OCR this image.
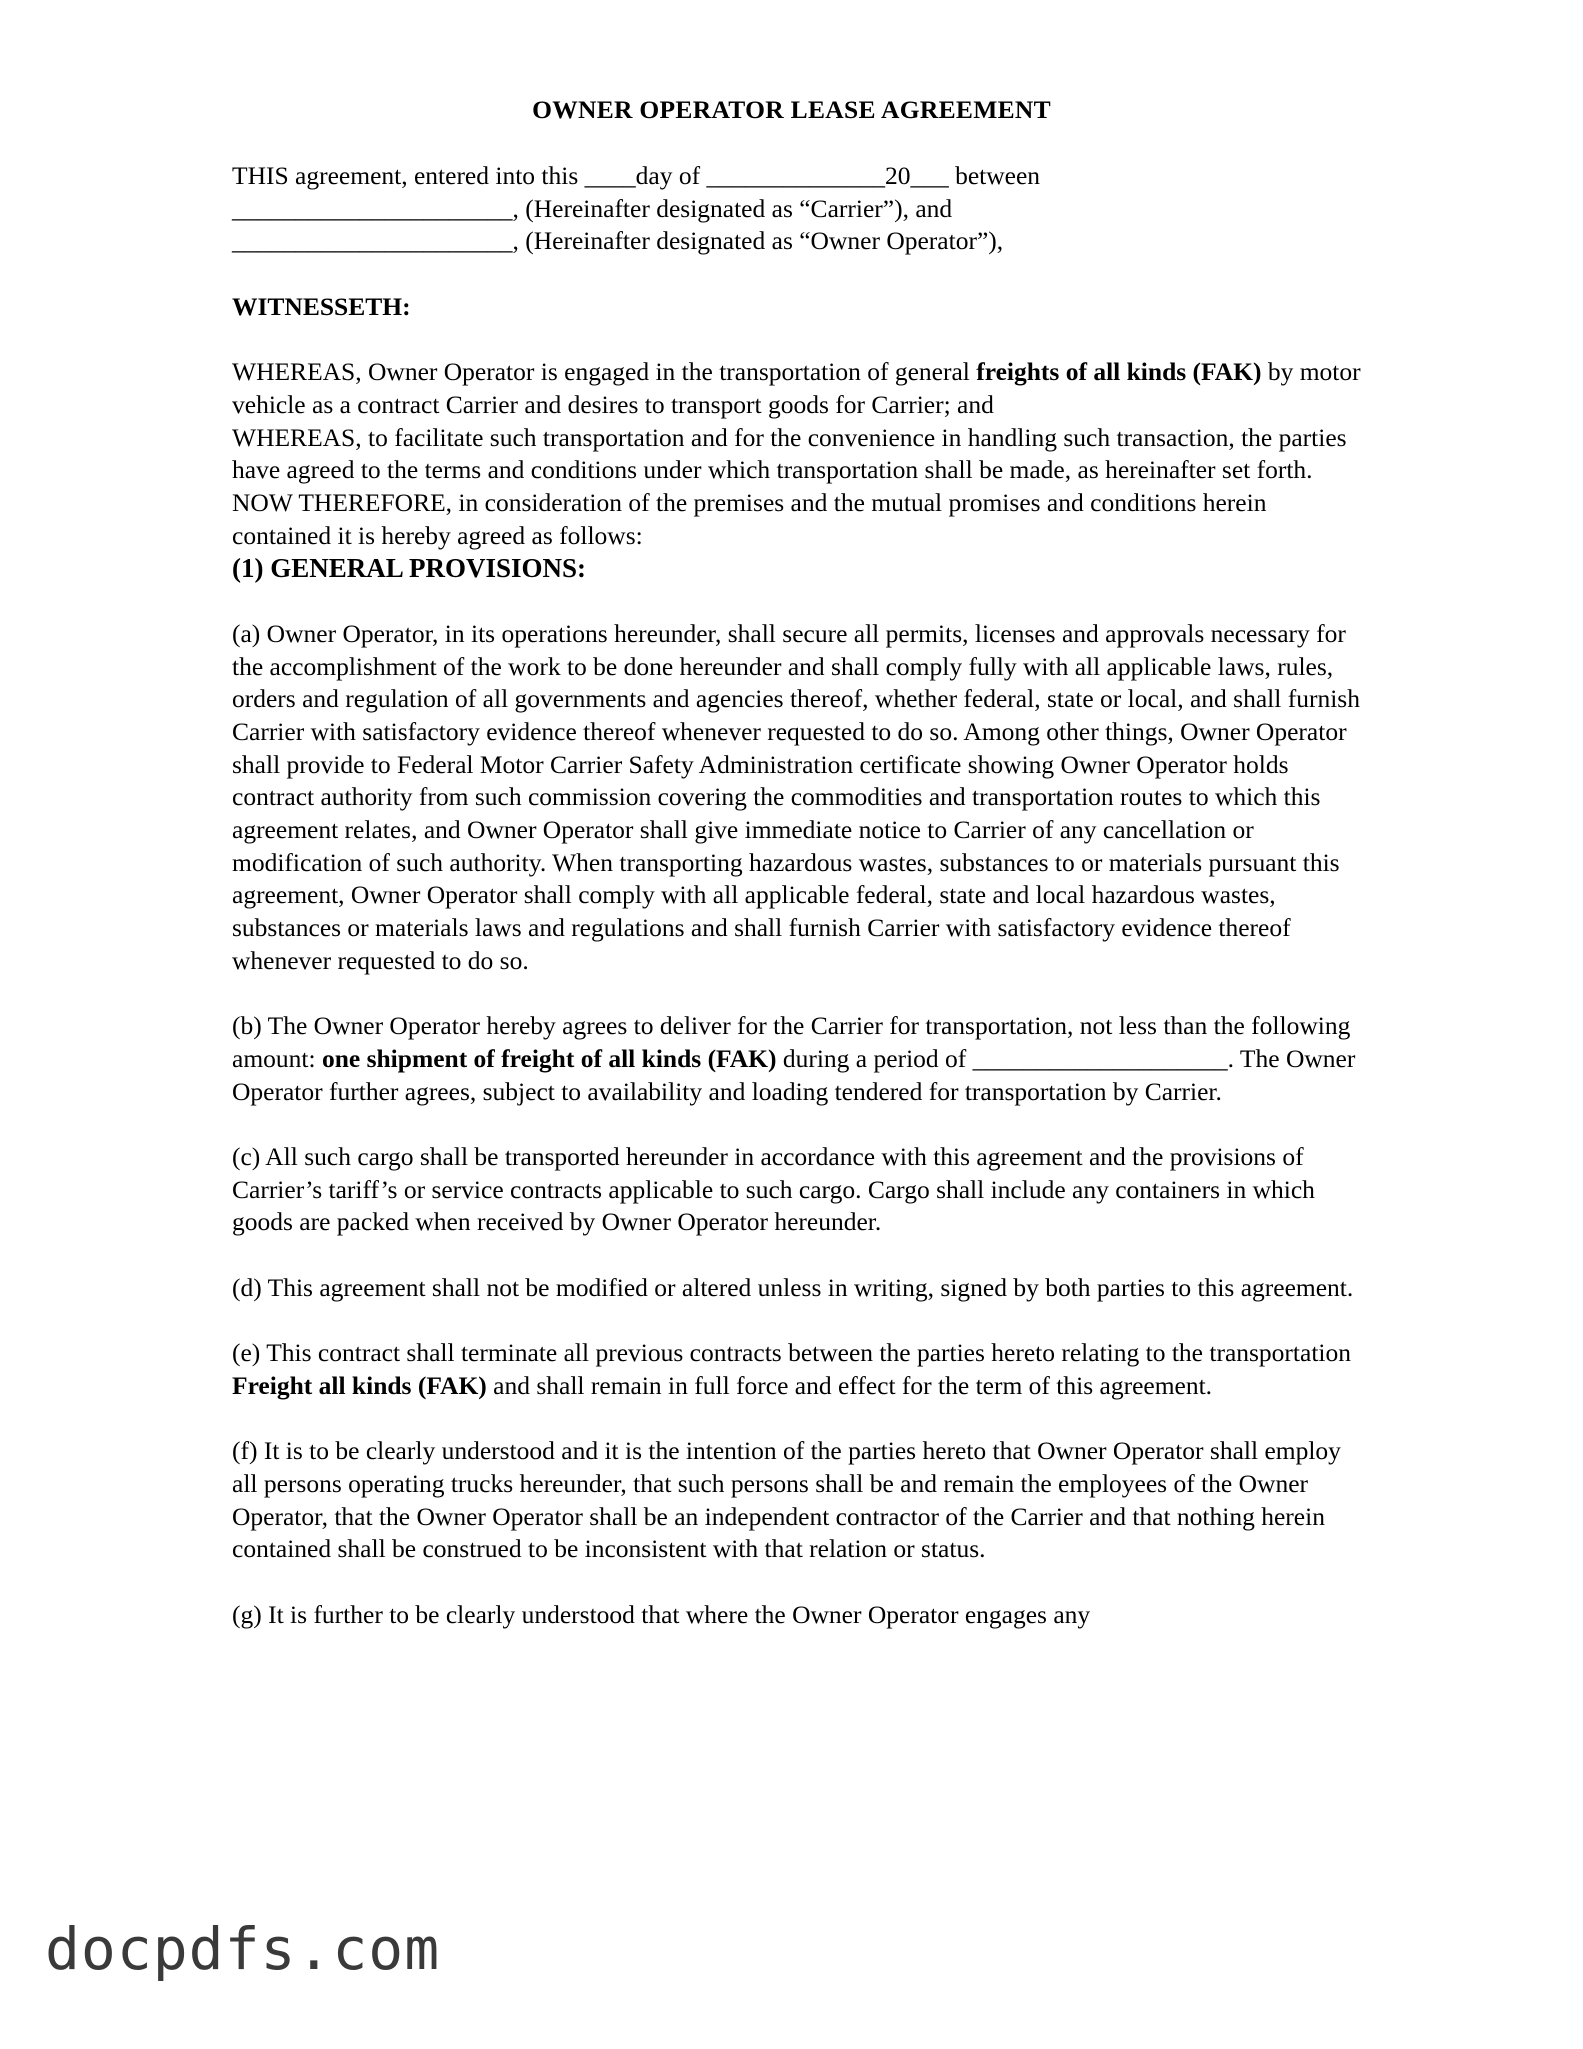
OWNER OPERATOR LEASE AGREEMENT

THIS agreement, entered into this ____day of ______________20___ between

______________________, (Hereinafter designated as “Carrier”), and

______________________, (Hereinafter designated as “Owner Operator”),

WITNESSETH:

WHEREAS, Owner Operator is engaged in the transportation of general freights of all kinds (FAK) by motor vehicle as a contract Carrier and desires to transport goods for Carrier; and

WHEREAS, to facilitate such transportation and for the convenience in handling such transaction, the parties have agreed to the terms and conditions under which transportation shall be made, as hereinafter set forth.

NOW THEREFORE, in consideration of the premises and the mutual promises and conditions herein contained it is hereby agreed as follows:

(1) GENERAL PROVISIONS:

(a) Owner Operator, in its operations hereunder, shall secure all permits, licenses and approvals necessary for the accomplishment of the work to be done hereunder and shall comply fully with all applicable laws, rules, orders and regulation of all governments and agencies thereof, whether federal, state or local, and shall furnish Carrier with satisfactory evidence thereof whenever requested to do so. Among other things, Owner Operator shall provide to Federal Motor Carrier Safety Administration certificate showing Owner Operator holds contract authority from such commission covering the commodities and transportation routes to which this agreement relates, and Owner Operator shall give immediate notice to Carrier of any cancellation or modification of such authority. When transporting hazardous wastes, substances to or materials pursuant this agreement, Owner Operator shall comply with all applicable federal, state and local hazardous wastes, substances or materials laws and regulations and shall furnish Carrier with satisfactory evidence thereof whenever requested to do so.

(b) The Owner Operator hereby agrees to deliver for the Carrier for transportation, not less than the following amount: one shipment of freight of all kinds (FAK) during a period of ____________________. The Owner Operator further agrees, subject to availability and loading tendered for transportation by Carrier.

(c) All such cargo shall be transported hereunder in accordance with this agreement and the provisions of Carrier’s tariff’s or service contracts applicable to such cargo. Cargo shall include any containers in which goods are packed when received by Owner Operator hereunder.

(d) This agreement shall not be modified or altered unless in writing, signed by both parties to this agreement.

(e) This contract shall terminate all previous contracts between the parties hereto relating to the transportation Freight all kinds (FAK) and shall remain in full force and effect for the term of this agreement.

(f) It is to be clearly understood and it is the intention of the parties hereto that Owner Operator shall employ all persons operating trucks hereunder, that such persons shall be and remain the employees of the Owner Operator, that the Owner Operator shall be an independent contractor of the Carrier and that nothing herein contained shall be construed to be inconsistent with that relation or status.

(g) It is further to be clearly understood that where the Owner Operator engages any

docpdfs.com
